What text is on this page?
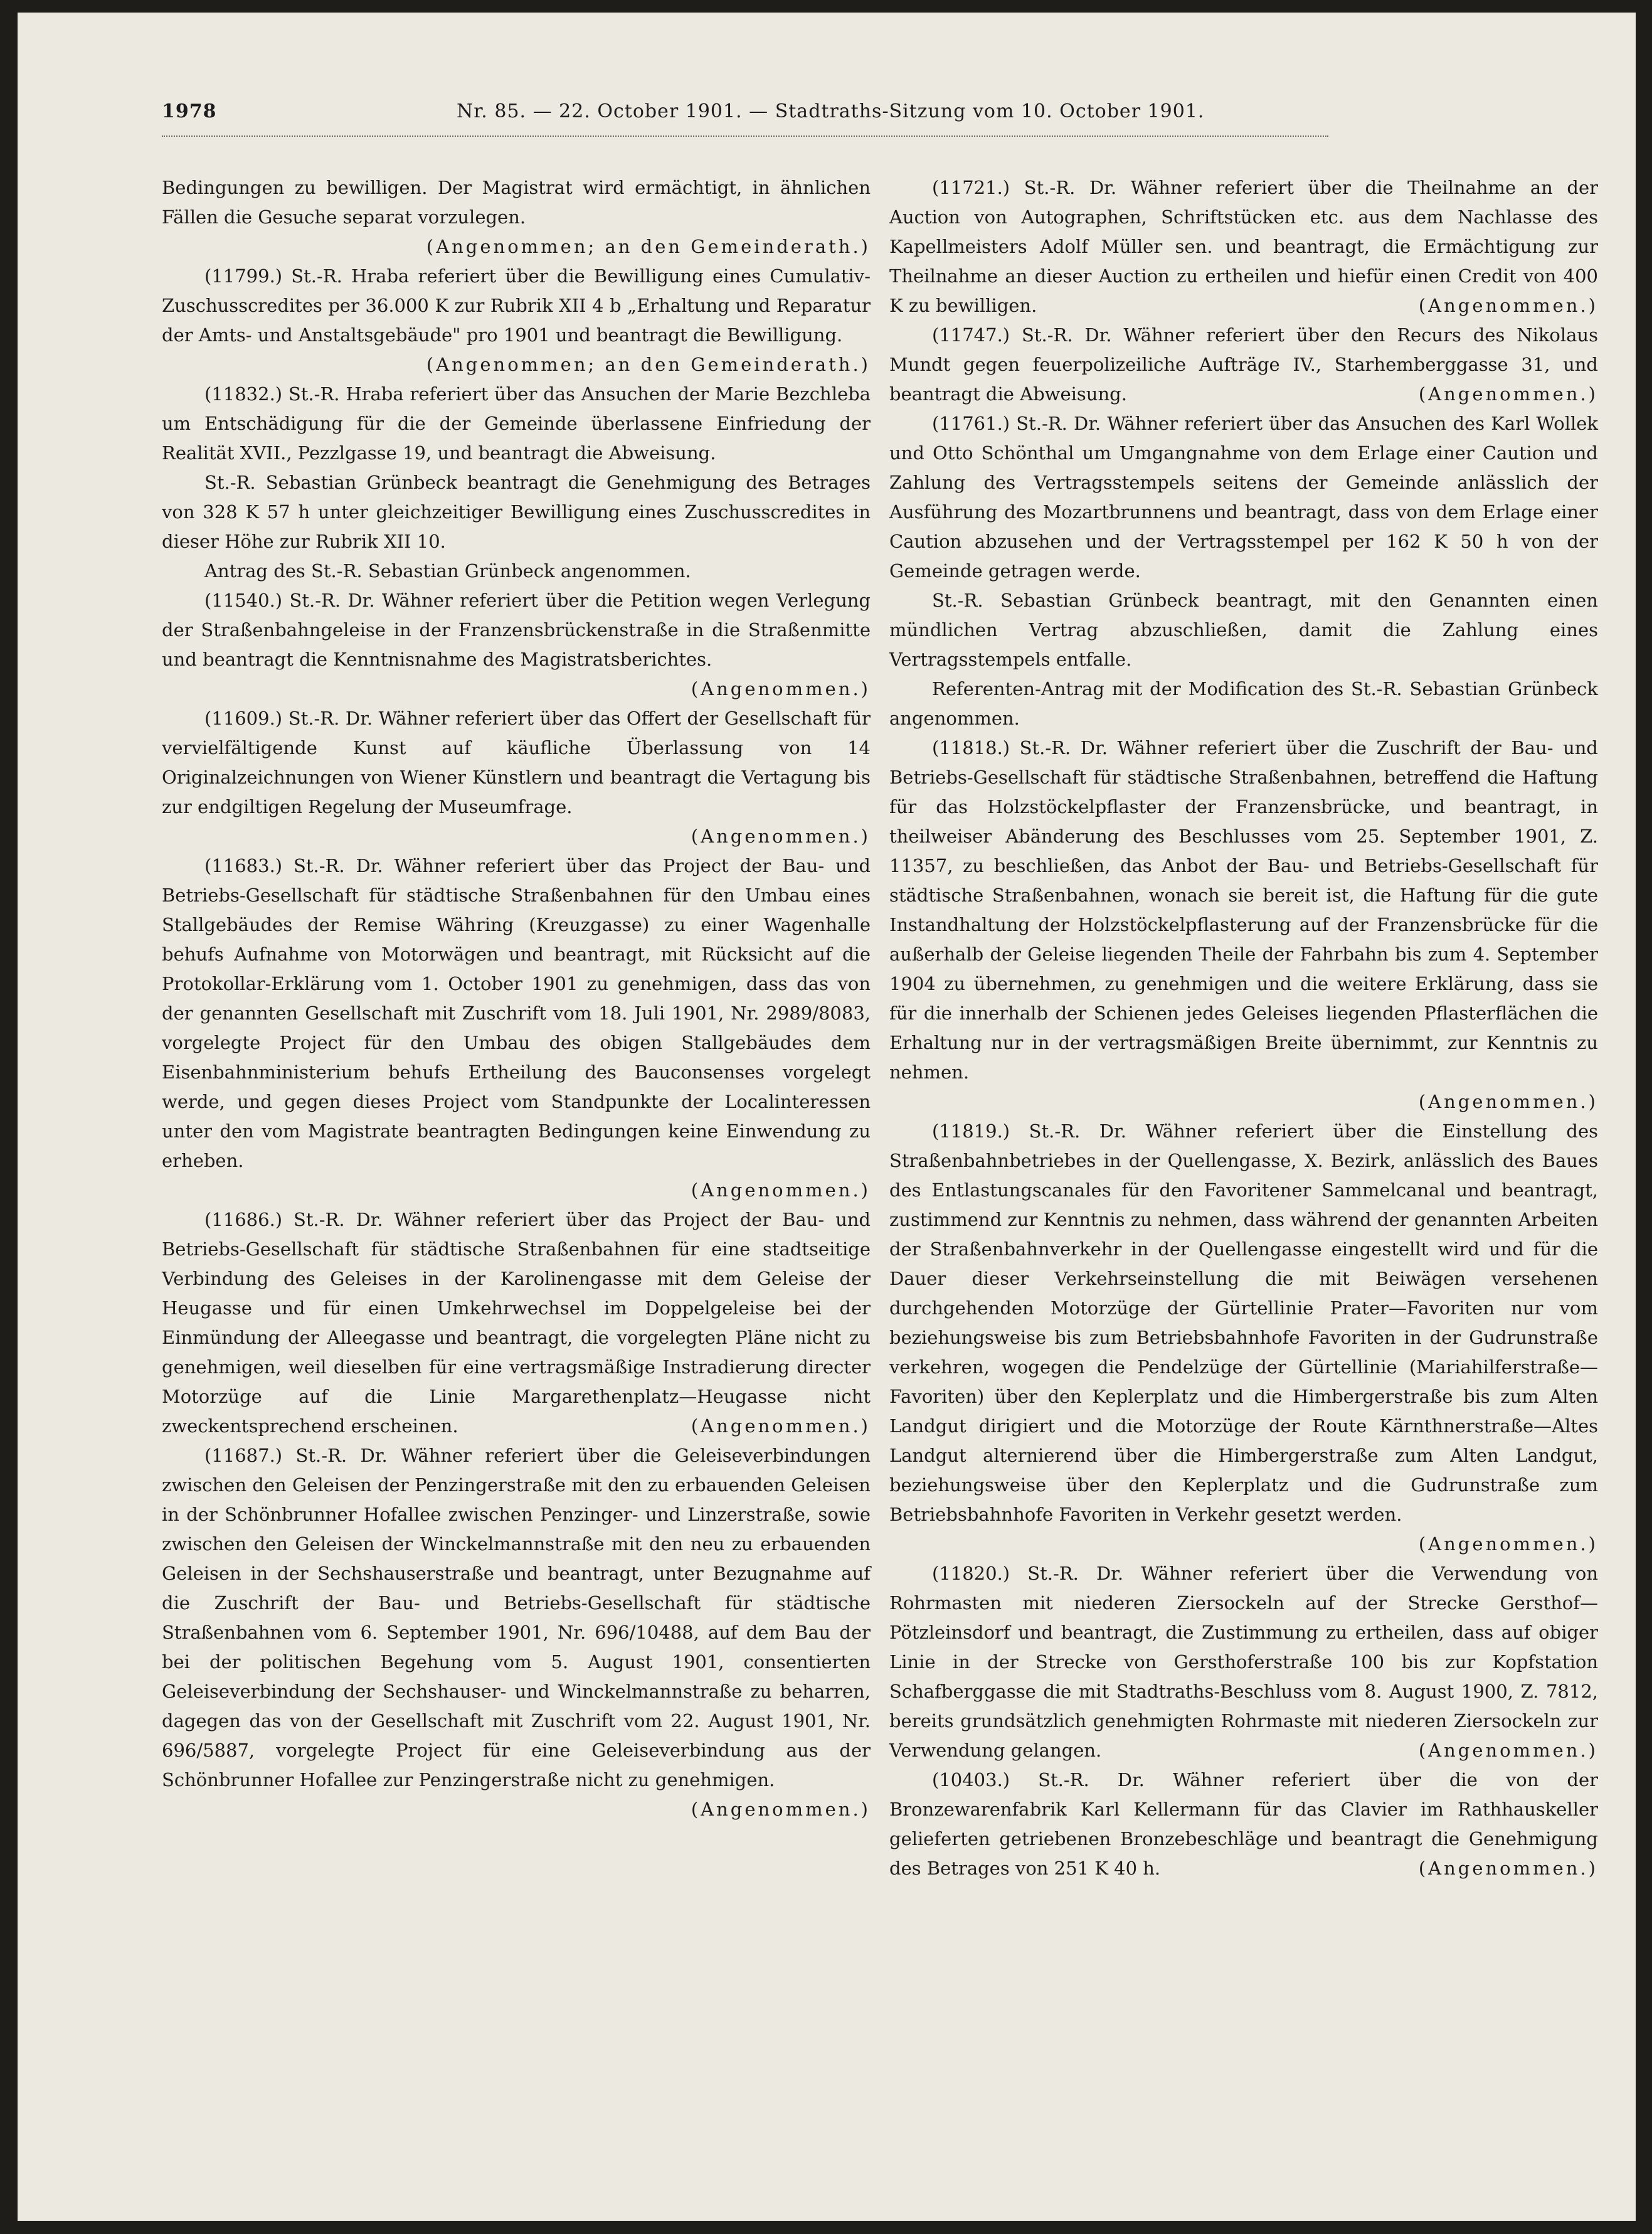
1978	Nr. 85. — 22. October 1901. — Stadtraths-Sitzung vom 10. October 1901.

Bedingungen zu bewilligen. Der Magistrat wird ermächtigt, in ähnlichen Fällen die Gesuche separat vorzulegen.

(Angenommen; an den Gemeinderath.)

(11799.) St.-R. Hraba referiert über die Bewilligung eines Cumulativ-Zuschusscredites per 36.000 K zur Rubrik XII 4 b „Erhaltung und Reparatur der Amts- und Anstaltsgebäude" pro 1901 und beantragt die Bewilligung.

(Angenommen; an den Gemeinderath.)

(11832.) St.-R. Hraba referiert über das Ansuchen der Marie Bezchleba um Entschädigung für die der Gemeinde überlassene Einfriedung der Realität XVII., Pezzlgasse 19, und beantragt die Abweisung.

St.-R. Sebastian Grünbeck beantragt die Genehmigung des Betrages von 328 K 57 h unter gleichzeitiger Bewilligung eines Zuschusscredites in dieser Höhe zur Rubrik XII 10.

Antrag des St.-R. Sebastian Grünbeck angenommen.

(11540.) St.-R. Dr. Wähner referiert über die Petition wegen Verlegung der Straßenbahngeleise in der Franzensbrückenstraße in die Straßenmitte und beantragt die Kenntnisnahme des Magistratsberichtes.
(Angenommen.)

(11609.) St.-R. Dr. Wähner referiert über das Offert der Gesellschaft für vervielfältigende Kunst auf käufliche Überlassung von 14 Originalzeichnungen von Wiener Künstlern und beantragt die Vertagung bis zur endgiltigen Regelung der Museumfrage.

(Angenommen.)

(11683.) St.-R. Dr. Wähner referiert über das Project der Bau- und Betriebs-Gesellschaft für städtische Straßenbahnen für den Umbau eines Stallgebäudes der Remise Währing (Kreuzgasse) zu einer Wagenhalle behufs Aufnahme von Motorwägen und beantragt, mit Rücksicht auf die Protokollar-Erklärung vom 1. October 1901 zu genehmigen, dass das von der genannten Gesellschaft mit Zuschrift vom 18. Juli 1901, Nr. 2989/8083, vorgelegte Project für den Umbau des obigen Stallgebäudes dem Eisenbahnministerium behufs Ertheilung des Bauconsenses vorgelegt werde, und gegen dieses Project vom Standpunkte der Localinteressen unter den vom Magistrate beantragten Bedingungen keine Einwendung zu erheben.

(Angenommen.)

(11686.) St.-R. Dr. Wähner referiert über das Project der Bau- und Betriebs-Gesellschaft für städtische Straßenbahnen für eine stadtseitige Verbindung des Geleises in der Karolinengasse mit dem Geleise der Heugasse und für einen Umkehrwechsel im Doppelgeleise bei der Einmündung der Alleegasse und beantragt, die vorgelegten Pläne nicht zu genehmigen, weil dieselben für eine vertragsmäßige Instradierung directer Motorzüge auf die Linie Margarethenplatz—Heugasse nicht zweckentsprechend erscheinen.	(Angenommen.)

(11687.) St.-R. Dr. Wähner referiert über die Geleiseverbindungen zwischen den Geleisen der Penzingerstraße mit den zu erbauenden Geleisen in der Schönbrunner Hofallee zwischen Penzinger- und Linzerstraße, sowie zwischen den Geleisen der Winckelmannstraße mit den neu zu erbauenden Geleisen in der Sechshauserstraße und beantragt, unter Bezugnahme auf die Zuschrift der Bau- und Betriebs-Gesellschaft für städtische Straßenbahnen vom 6. September 1901, Nr. 696/10488, auf dem Bau der bei der politischen Begehung vom 5. August 1901, consentierten Geleiseverbindung der Sechshauser- und Winckelmannstraße zu beharren, dagegen das von der Gesellschaft mit Zuschrift vom 22. August 1901, Nr. 696/5887, vorgelegte Project für eine Geleiseverbindung aus der Schönbrunner Hofallee zur Penzingerstraße nicht zu genehmigen.
(Angenommen.)

(11721.) St.-R. Dr. Wähner referiert über die Theilnahme an der Auction von Autographen, Schriftstücken etc. aus dem Nachlasse des Kapellmeisters Adolf Müller sen. und beantragt, die Ermächtigung zur Theilnahme an dieser Auction zu ertheilen und hiefür einen Credit von 400 K zu bewilligen.	(Angenommen.)

(11747.) St.-R. Dr. Wähner referiert über den Recurs des Nikolaus Mundt gegen feuerpolizeiliche Aufträge IV., Starhemberggasse 31, und beantragt die Abweisung.	(Angenommen.)

(11761.) St.-R. Dr. Wähner referiert über das Ansuchen des Karl Wollek und Otto Schönthal um Umgangnahme von dem Erlage einer Caution und Zahlung des Vertragsstempels seitens der Gemeinde anlässlich der Ausführung des Mozartbrunnens und beantragt, dass von dem Erlage einer Caution abzusehen und der Vertragsstempel per 162 K 50 h von der Gemeinde getragen werde.

St.-R. Sebastian Grünbeck beantragt, mit den Genannten einen mündlichen Vertrag abzuschließen, damit die Zahlung eines Vertragsstempels entfalle.

Referenten-Antrag mit der Modification des St.-R. Sebastian Grünbeck angenommen.

(11818.) St.-R. Dr. Wähner referiert über die Zuschrift der Bau- und Betriebs-Gesellschaft für städtische Straßenbahnen, betreffend die Haftung für das Holzstöckelpflaster der Franzensbrücke, und beantragt, in theilweiser Abänderung des Beschlusses vom 25. September 1901, Z. 11357, zu beschließen, das Anbot der Bau- und Betriebs-Gesellschaft für städtische Straßenbahnen, wonach sie bereit ist, die Haftung für die gute Instandhaltung der Holzstöckelpflasterung auf der Franzensbrücke für die außerhalb der Geleise liegenden Theile der Fahrbahn bis zum 4. September 1904 zu übernehmen, zu genehmigen und die weitere Erklärung, dass sie für die innerhalb der Schienen jedes Geleises liegenden Pflasterflächen die Erhaltung nur in der vertragsmäßigen Breite übernimmt, zur Kenntnis zu nehmen.

(Angenommen.)

(11819.) St.-R. Dr. Wähner referiert über die Einstellung des Straßenbahnbetriebes in der Quellengasse, X. Bezirk, anlässlich des Baues des Entlastungscanales für den Favoritener Sammelcanal und beantragt, zustimmend zur Kenntnis zu nehmen, dass während der genannten Arbeiten der Straßenbahnverkehr in der Quellengasse eingestellt wird und für die Dauer dieser Verkehrseinstellung die mit Beiwägen versehenen durchgehenden Motorzüge der Gürtellinie Prater—Favoriten nur vom beziehungsweise bis zum Betriebsbahnhofe Favoriten in der Gudrunstraße verkehren, wogegen die Pendelzüge der Gürtellinie (Mariahilferstraße—Favoriten) über den Keplerplatz und die Himbergerstraße bis zum Alten Landgut dirigiert und die Motorzüge der Route Kärnthnerstraße—Altes Landgut alternierend über die Himbergerstraße zum Alten Landgut, beziehungsweise über den Keplerplatz und die Gudrunstraße zum Betriebsbahnhofe Favoriten in Verkehr gesetzt werden.
(Angenommen.)

(11820.) St.-R. Dr. Wähner referiert über die Verwendung von Rohrmasten mit niederen Ziersockeln auf der Strecke Gersthof—Pötzleinsdorf und beantragt, die Zustimmung zu ertheilen, dass auf obiger Linie in der Strecke von Gersthoferstraße 100 bis zur Kopfstation Schafberggasse die mit Stadtraths-Beschluss vom 8. August 1900, Z. 7812, bereits grundsätzlich genehmigten Rohrmaste mit niederen Ziersockeln zur Verwendung gelangen.	(Angenommen.)

(10403.) St.-R. Dr. Wähner referiert über die von der Bronzewarenfabrik Karl Kellermann für das Clavier im Rathhauskeller gelieferten getriebenen Bronzebeschläge und beantragt die Genehmigung des Betrages von 251 K 40 h.	(Angenommen.)
